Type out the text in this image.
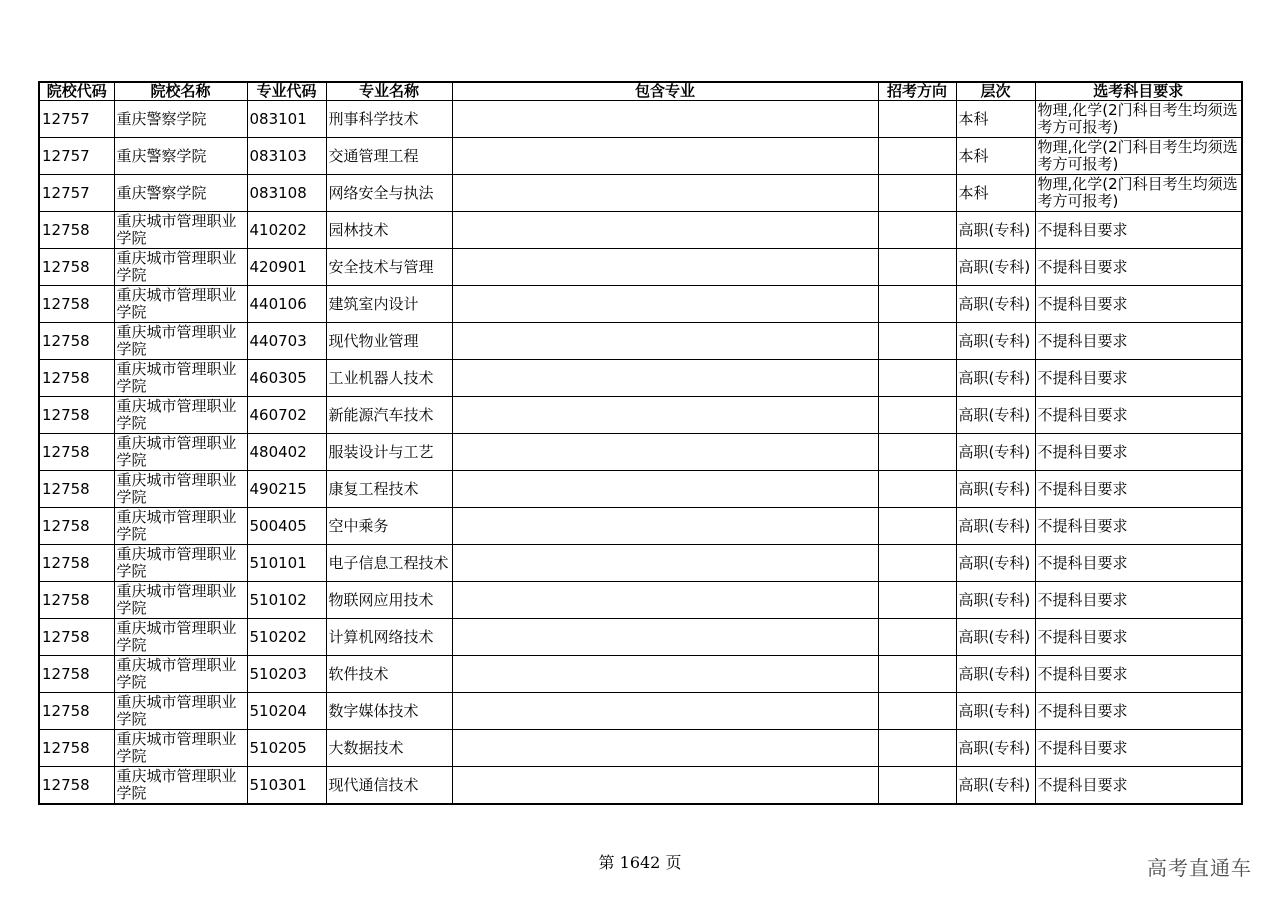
院校代码	院校名称	专业代码	专业名称	包含专业	招考方向	层次	选考科目要求
12757	重庆警察学院	083101	刑事科学技术			本科	物理,化学(2门科目考生均须选考方可报考)
12757	重庆警察学院	083103	交通管理工程			本科	物理,化学(2门科目考生均须选考方可报考)
12757	重庆警察学院	083108	网络安全与执法			本科	物理,化学(2门科目考生均须选考方可报考)
12758	重庆城市管理职业学院	410202	园林技术			高职(专科)	不提科目要求
12758	重庆城市管理职业学院	420901	安全技术与管理			高职(专科)	不提科目要求
12758	重庆城市管理职业学院	440106	建筑室内设计			高职(专科)	不提科目要求
12758	重庆城市管理职业学院	440703	现代物业管理			高职(专科)	不提科目要求
12758	重庆城市管理职业学院	460305	工业机器人技术			高职(专科)	不提科目要求
12758	重庆城市管理职业学院	460702	新能源汽车技术			高职(专科)	不提科目要求
12758	重庆城市管理职业学院	480402	服装设计与工艺			高职(专科)	不提科目要求
12758	重庆城市管理职业学院	490215	康复工程技术			高职(专科)	不提科目要求
12758	重庆城市管理职业学院	500405	空中乘务			高职(专科)	不提科目要求
12758	重庆城市管理职业学院	510101	电子信息工程技术			高职(专科)	不提科目要求
12758	重庆城市管理职业学院	510102	物联网应用技术			高职(专科)	不提科目要求
12758	重庆城市管理职业学院	510202	计算机网络技术			高职(专科)	不提科目要求
12758	重庆城市管理职业学院	510203	软件技术			高职(专科)	不提科目要求
12758	重庆城市管理职业学院	510204	数字媒体技术			高职(专科)	不提科目要求
12758	重庆城市管理职业学院	510205	大数据技术			高职(专科)	不提科目要求
12758	重庆城市管理职业学院	510301	现代通信技术			高职(专科)	不提科目要求
第 1642 页	高考直通车
